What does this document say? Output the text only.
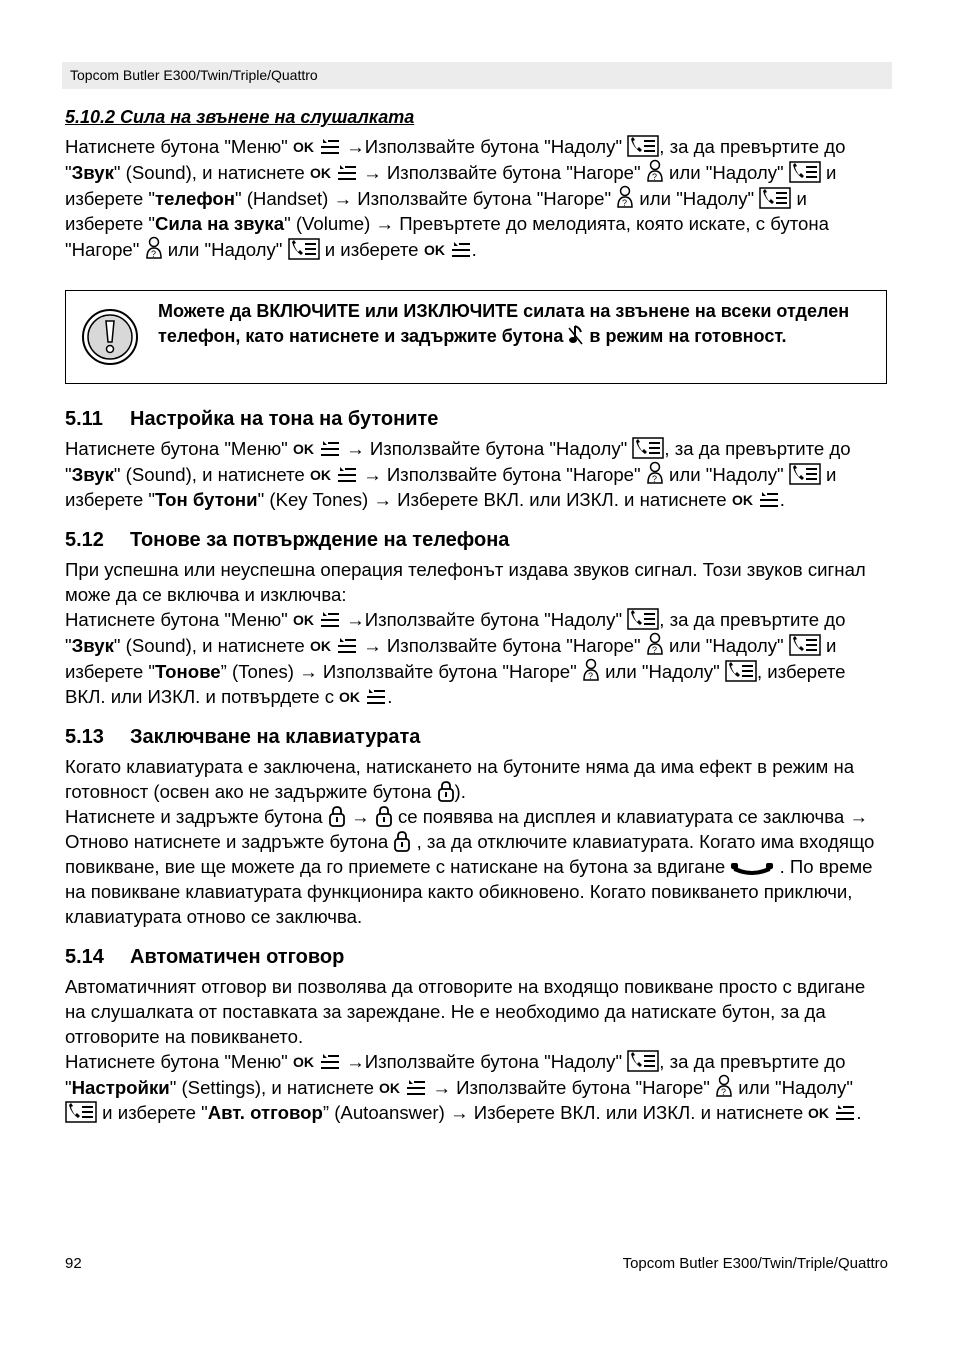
Topcom Butler E300/Twin/Triple/Quattro
5.10.2 Сила на звънене на слушалката

Натиснете бутона "Меню" OK →Използвайте бутона "Надолу" , за да превъртите до "Звук" (Sound), и натиснете OK → Използвайте бутона "Нагоре" ? или "Надолу" и изберете "телефон" (Handset) → Използвайте бутона "Нагоре" ? или "Надолу" и изберете "Сила на звука" (Volume) → Превъртете до мелодията, която искате, с бутона "Нагоре" ? или "Надолу" и изберете OK .

Можете да ВКЛЮЧИТЕ или ИЗКЛЮЧИТЕ силата на звънене на всеки отделен телефон, като натиснете и задържите бутона в режим на готовност.
5.11 Настройка на тона на бутоните

Натиснете бутона "Меню" OK → Използвайте бутона "Надолу" , за да превъртите до "Звук" (Sound), и натиснете OK → Използвайте бутона "Нагоре" ? или "Надолу" и изберете "Тон бутони" (Key Tones) → Изберете ВКЛ. или ИЗКЛ. и натиснете OK .

5.12 Тонове за потвърждение на телефона

При успешна или неуспешна операция телефонът издава звуков сигнал. Този звуков сигнал може да се включва и изключва:

Натиснете бутона "Меню" OK →Използвайте бутона "Надолу" , за да превъртите до "Звук" (Sound), и натиснете OK → Използвайте бутона "Нагоре" ? или "Надолу" и изберете "Тонове” (Tones) → Използвайте бутона "Нагоре" ? или "Надолу" , изберете ВКЛ. или ИЗКЛ. и потвърдете с OK .

5.13 Заключване на клавиатурата

Когато клавиатурата е заключена, натискането на бутоните няма да има ефект в режим на готовност (освен ако не задържите бутона ).

Натиснете и задръжте бутона → се появява на дисплея и клавиатурата се заключва → Отново натиснете и задръжте бутона , за да отключите клавиатурата. Когато има входящо повикване, вие ще можете да го приемете с натискане на бутона за вдигане	. По време на повикване клавиатурата функционира както обикновено. Когато повикването приключи, клавиатурата отново се заключва.

5.14 Автоматичен отговор

Автоматичният отговор ви позволява да отговорите на входящо повикване просто с вдигане на слушалката от поставката за зареждане. Не е необходимо да натискате бутон, за да отговорите на повикването.

Натиснете бутона "Меню" OK →Използвайте бутона "Надолу" , за да превъртите до "Настройки" (Settings), и натиснете OK → Използвайте бутона "Нагоре" ? или "Надолу"
и изберете "Авт. отговор” (Autoanswer) → Изберете ВКЛ. или ИЗКЛ. и натиснете OK .

92	Topcom Butler E300/Twin/Triple/Quattro
